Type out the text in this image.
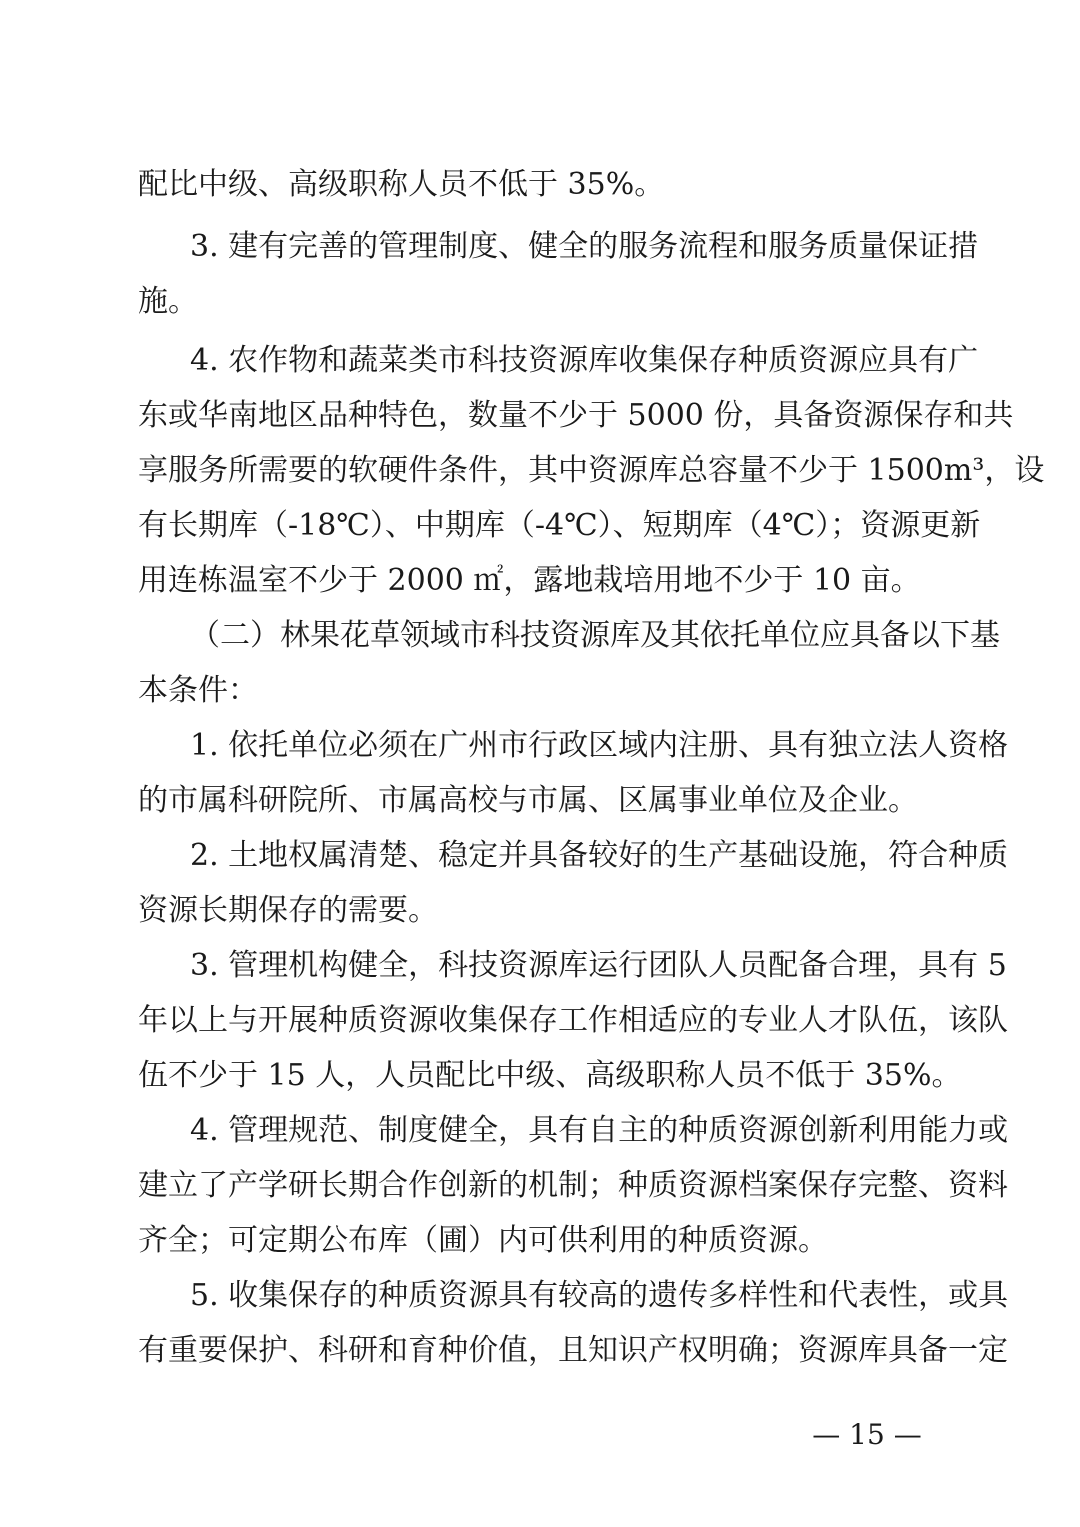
配比中级、高级职称人员不低于 35%。
3. 建有完善的管理制度、健全的服务流程和服务质量保证措
施。
4. 农作物和蔬菜类市科技资源库收集保存种质资源应具有广
东或华南地区品种特色，数量不少于 5000 份，具备资源保存和共
享服务所需要的软硬件条件，其中资源库总容量不少于 1500m³，设
有长期库（-18℃）、中期库（-4℃）、短期库（4℃）；资源更新
用连栋温室不少于 2000 ㎡，露地栽培用地不少于 10 亩。
（二）林果花草领域市科技资源库及其依托单位应具备以下基
本条件：
1. 依托单位必须在广州市行政区域内注册、具有独立法人资格
的市属科研院所、市属高校与市属、区属事业单位及企业。
2. 土地权属清楚、稳定并具备较好的生产基础设施，符合种质
资源长期保存的需要。
3. 管理机构健全，科技资源库运行团队人员配备合理，具有 5
年以上与开展种质资源收集保存工作相适应的专业人才队伍，该队
伍不少于 15 人，人员配比中级、高级职称人员不低于 35%。
4. 管理规范、制度健全，具有自主的种质资源创新利用能力或
建立了产学研长期合作创新的机制；种质资源档案保存完整、资料
齐全；可定期公布库（圃）内可供利用的种质资源。
5. 收集保存的种质资源具有较高的遗传多样性和代表性，或具
有重要保护、科研和育种价值，且知识产权明确；资源库具备一定
— 15 —
